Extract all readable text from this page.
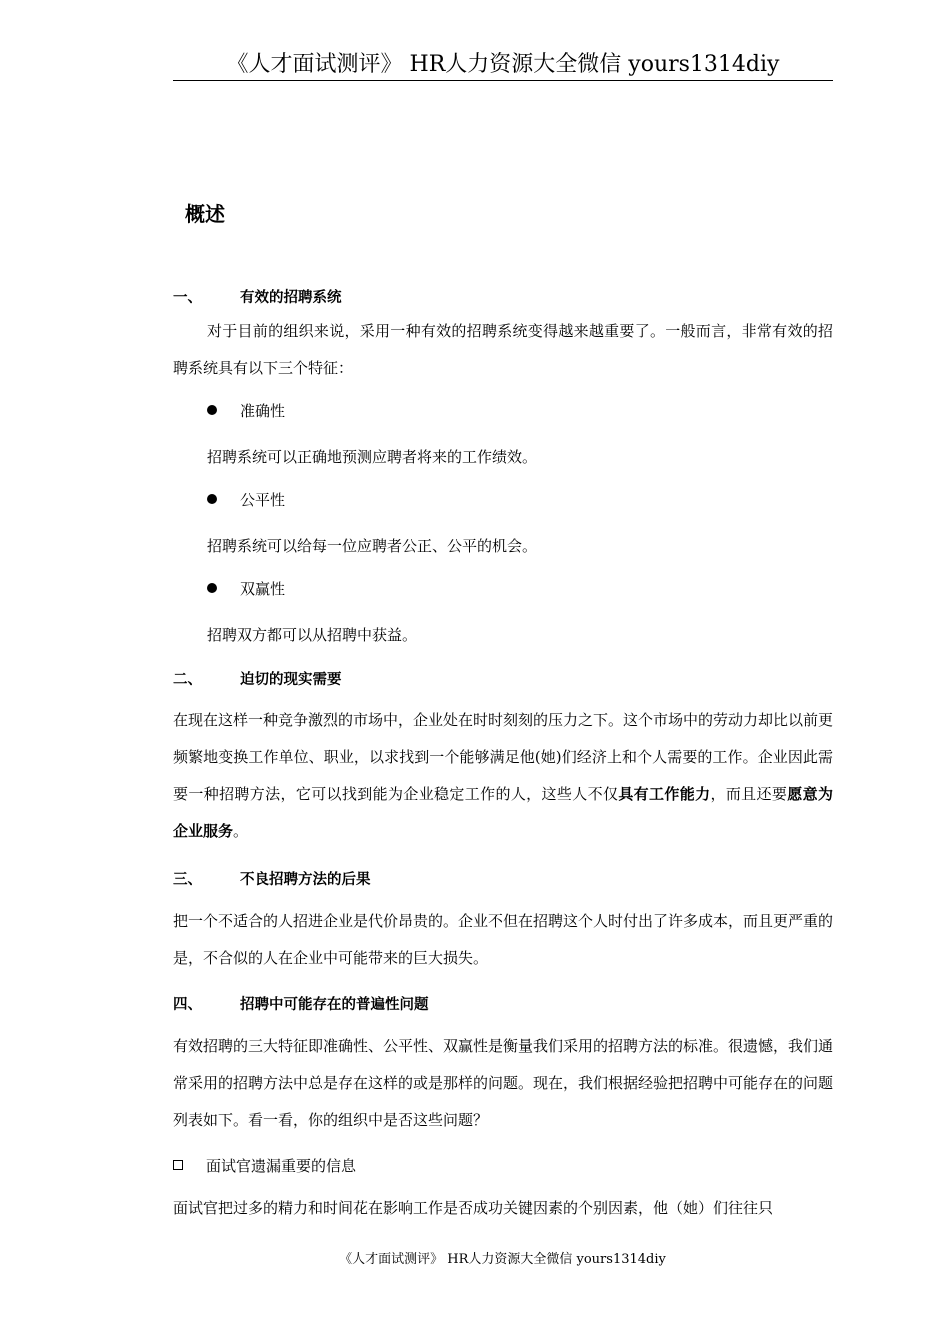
《人才面试测评》 HR人力资源大全微信 yours1314diy
概述
一、	有效的招聘系统
对于目前的组织来说，采用一种有效的招聘系统变得越来越重要了。一般而言，非常有效的招聘系统具有以下三个特征：
准确性
招聘系统可以正确地预测应聘者将来的工作绩效。
公平性
招聘系统可以给每一位应聘者公正、公平的机会。
双赢性
招聘双方都可以从招聘中获益。
二、	迫切的现实需要
在现在这样一种竞争激烈的市场中，企业处在时时刻刻的压力之下。这个市场中的劳动力却比以前更频繁地变换工作单位、职业，以求找到一个能够满足他(她)们经济上和个人需要的工作。企业因此需要一种招聘方法，它可以找到能为企业稳定工作的人，这些人不仅具有工作能力，而且还要愿意为企业服务。
三、	不良招聘方法的后果
把一个不适合的人招进企业是代价昂贵的。企业不但在招聘这个人时付出了许多成本，而且更严重的是，不合似的人在企业中可能带来的巨大损失。
四、	招聘中可能存在的普遍性问题
有效招聘的三大特征即准确性、公平性、双赢性是衡量我们采用的招聘方法的标准。很遗憾，我们通常采用的招聘方法中总是存在这样的或是那样的问题。现在，我们根据经验把招聘中可能存在的问题列表如下。看一看，你的组织中是否这些问题？
面试官遗漏重要的信息
面试官把过多的精力和时间花在影响工作是否成功关键因素的个别因素，他（她）们往往只
《人才面试测评》 HR人力资源大全微信 yours1314diy
